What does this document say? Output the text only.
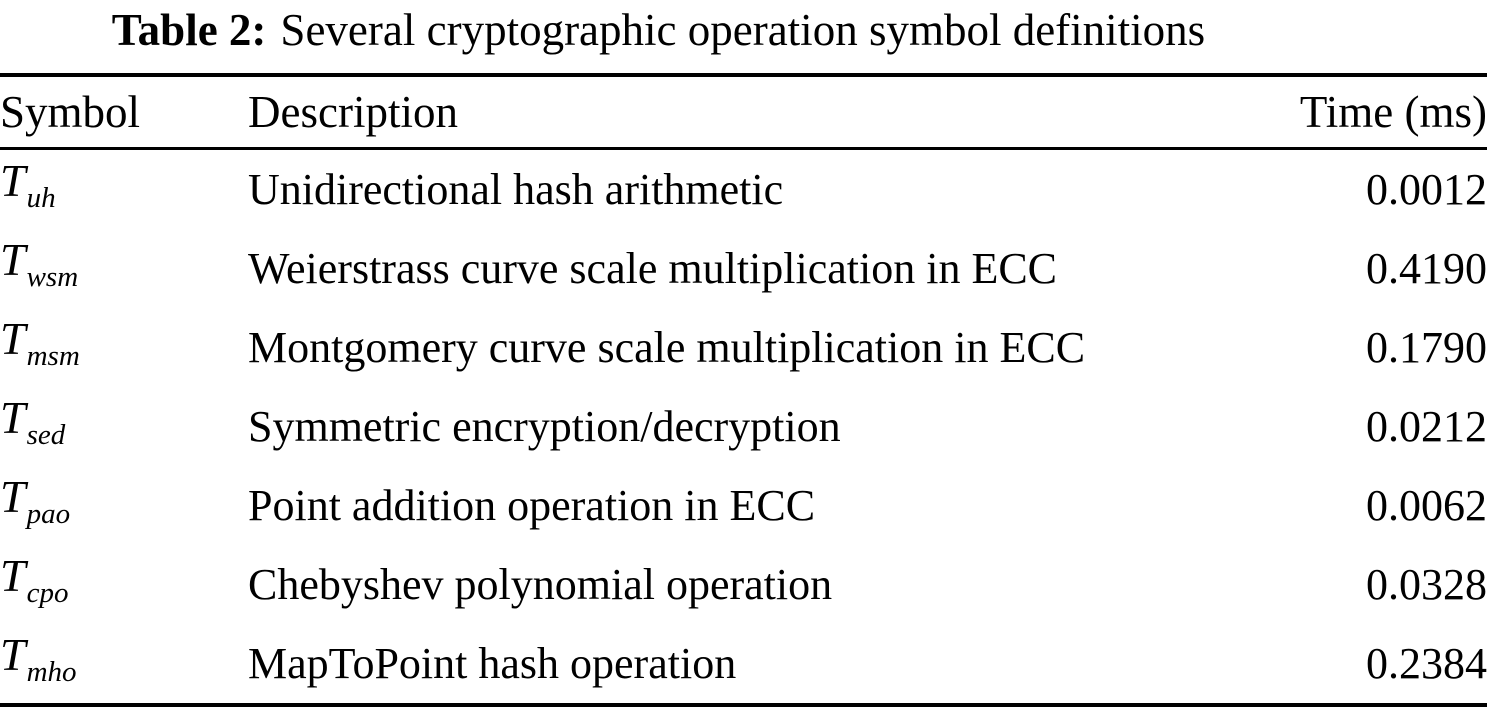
Table 2: Several cryptographic operation symbol definitions
Symbol	Description	Time (ms)
$T_{uh}$	Unidirectional hash arithmetic	0.0012
$T_{wsm}$	Weierstrass curve scale multiplication in ECC	0.4190
$T_{msm}$	Montgomery curve scale multiplication in ECC	0.1790
$T_{sed}$	Symmetric encryption/decryption	0.0212
$T_{pao}$	Point addition operation in ECC	0.0062
$T_{cpo}$	Chebyshev polynomial operation	0.0328
$T_{mho}$	MapToPoint hash operation	0.2384
